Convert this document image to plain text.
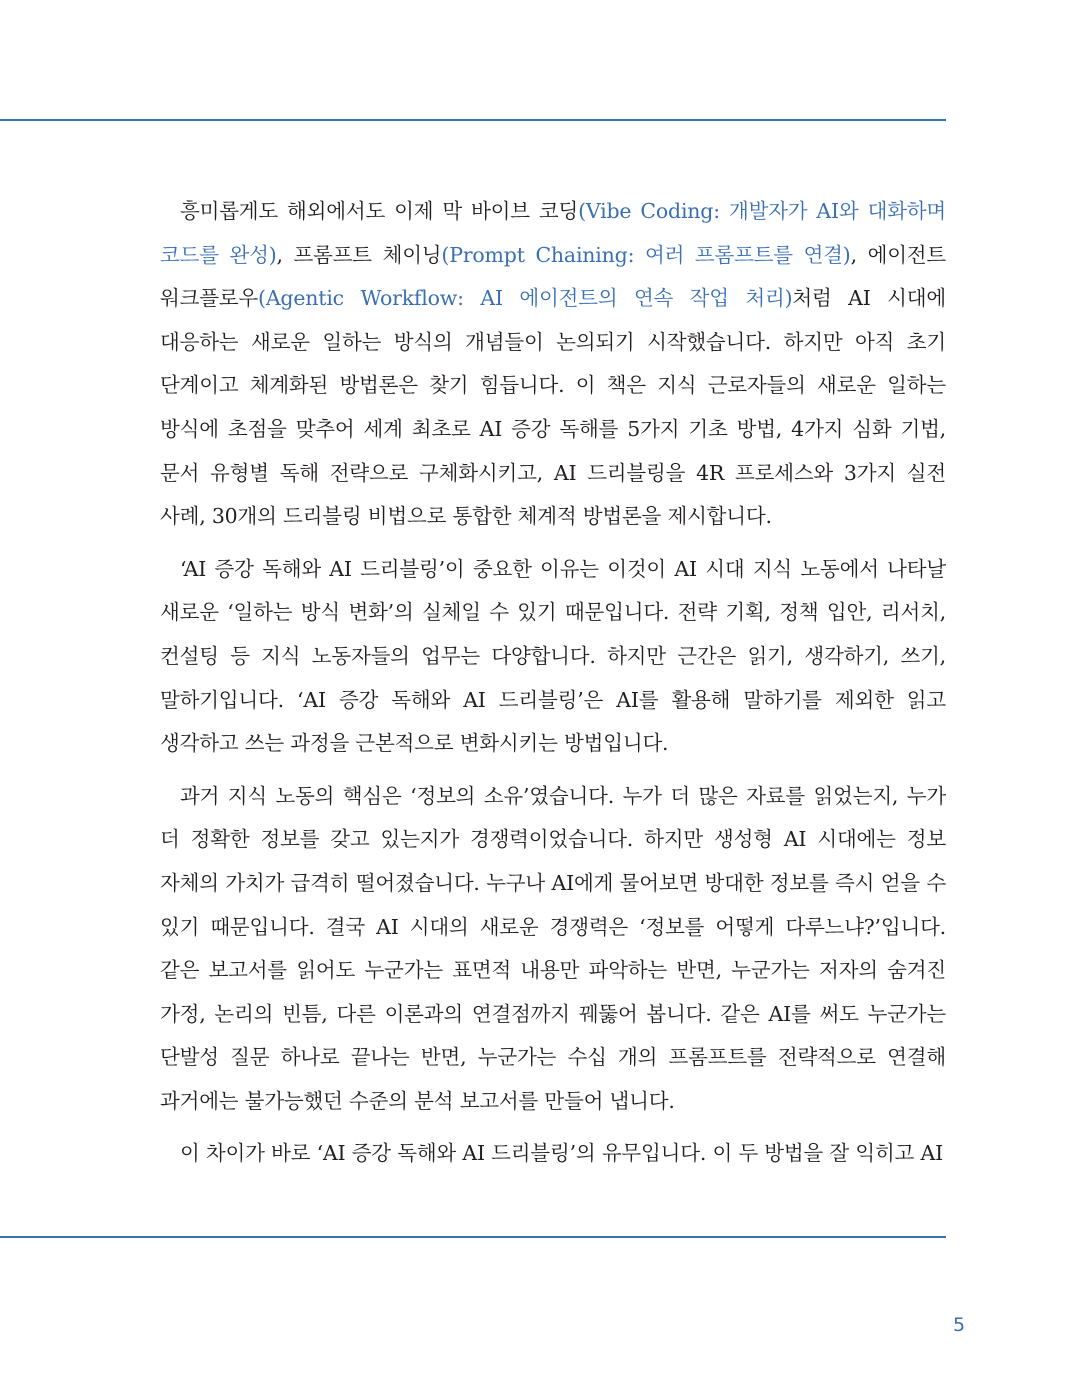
흥미롭게도 해외에서도 이제 막 바이브 코딩(Vibe Coding: 개발자가 AI와 대화하며 코드를 완성), 프롬프트 체이닝(Prompt Chaining: 여러 프롬프트를 연결), 에이전트 워크플로우(Agentic Workflow: AI 에이전트의 연속 작업 처리)처럼 AI 시대에 대응하는 새로운 일하는 방식의 개념들이 논의되기 시작했습니다. 하지만 아직 초기 단계이고 체계화된 방법론은 찾기 힘듭니다. 이 책은 지식 근로자들의 새로운 일하는 방식에 초점을 맞추어 세계 최초로 AI 증강 독해를 5가지 기초 방법, 4가지 심화 기법, 문서 유형별 독해 전략으로 구체화시키고, AI 드리블링을 4R 프로세스와 3가지 실전 사례, 30개의 드리블링 비법으로 통합한 체계적 방법론을 제시합니다.

‘AI 증강 독해와 AI 드리블링’이 중요한 이유는 이것이 AI 시대 지식 노동에서 나타날 새로운 ‘일하는 방식 변화’의 실체일 수 있기 때문입니다. 전략 기획, 정책 입안, 리서치, 컨설팅 등 지식 노동자들의 업무는 다양합니다. 하지만 근간은 읽기, 생각하기, 쓰기, 말하기입니다. ‘AI 증강 독해와 AI 드리블링’은 AI를 활용해 말하기를 제외한 읽고 생각하고 쓰는 과정을 근본적으로 변화시키는 방법입니다.

과거 지식 노동의 핵심은 ‘정보의 소유’였습니다. 누가 더 많은 자료를 읽었는지, 누가 더 정확한 정보를 갖고 있는지가 경쟁력이었습니다. 하지만 생성형 AI 시대에는 정보 자체의 가치가 급격히 떨어졌습니다. 누구나 AI에게 물어보면 방대한 정보를 즉시 얻을 수 있기 때문입니다. 결국 AI 시대의 새로운 경쟁력은 ‘정보를 어떻게 다루느냐?’입니다. 같은 보고서를 읽어도 누군가는 표면적 내용만 파악하는 반면, 누군가는 저자의 숨겨진 가정, 논리의 빈틈, 다른 이론과의 연결점까지 꿰뚫어 봅니다. 같은 AI를 써도 누군가는 단발성 질문 하나로 끝나는 반면, 누군가는 수십 개의 프롬프트를 전략적으로 연결해 과거에는 불가능했던 수준의 분석 보고서를 만들어 냅니다.

이 차이가 바로 ‘AI 증강 독해와 AI 드리블링’의 유무입니다. 이 두 방법을 잘 익히고 AI

5
